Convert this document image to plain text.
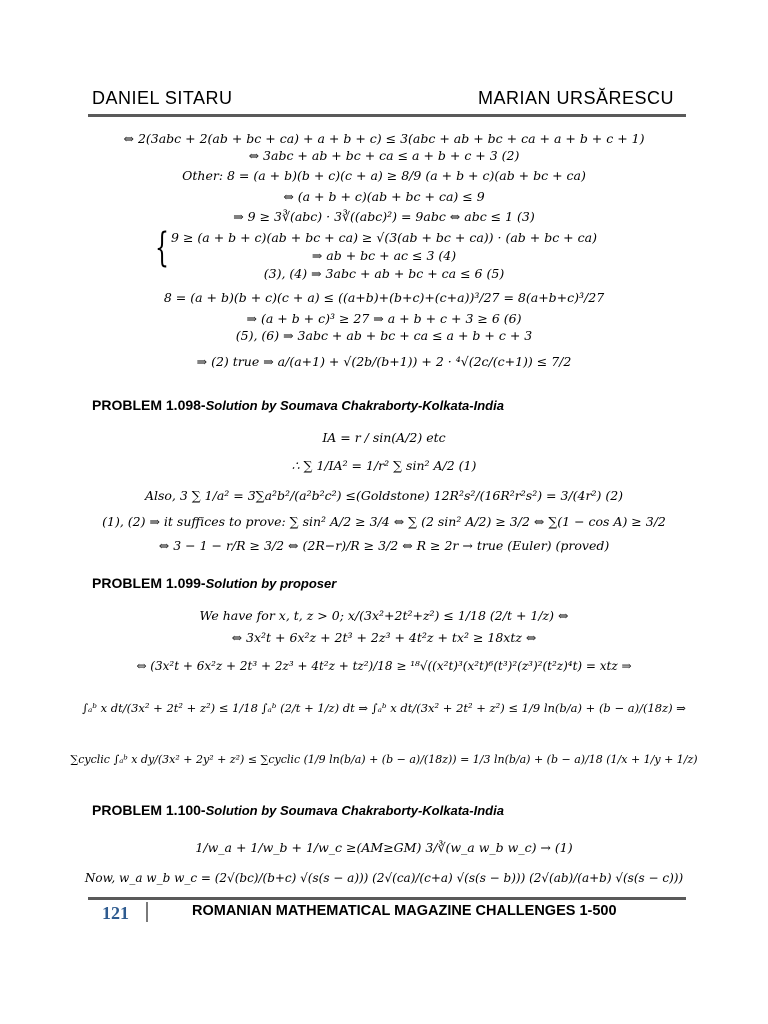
DANIEL SITARU	MARIAN URSĂRESCU
⇔ 2(3abc + 2(ab + bc + ca) + a + b + c) ≤ 3(abc + ab + bc + ca + a + b + c + 1)
⇔ 3abc + ab + bc + ca ≤ a + b + c + 3 (2)
Other: 8 = (a + b)(b + c)(c + a) ≥ 8/9 (a + b + c)(ab + bc + ca)
⇔ (a + b + c)(ab + bc + ca) ≤ 9
⇒ 9 ≥ 3∛(abc) · 3∛((abc)²) = 9abc ⇔ abc ≤ 1 (3)
{ 9 ≥ (a + b + c)(ab + bc + ca) ≥ √(3(ab + bc + ca)) · (ab + bc + ca)
⇒ ab + bc + ac ≤ 3 (4)
(3), (4) ⇒ 3abc + ab + bc + ca ≤ 6 (5)
8 = (a + b)(b + c)(c + a) ≤ ((a+b)+(b+c)+(c+a))³/27 = 8(a+b+c)³/27
⇒ (a + b + c)³ ≥ 27 ⇒ a + b + c + 3 ≥ 6 (6)
(5), (6) ⇒ 3abc + ab + bc + ca ≤ a + b + c + 3
⇒ (2) true ⇒ a/(a+1) + √(2b/(b+1)) + 2 · ⁴√(2c/(c+1)) ≤ 7/2
PROBLEM 1.098-Solution by Soumava Chakraborty-Kolkata-India
IA = r / sin(A/2) etc
∴ ∑ 1/IA² = 1/r² ∑ sin² A/2 (1)
Also, 3 ∑ 1/a² = 3∑a²b²/(a²b²c²) ≤(Goldstone) 12R²s²/(16R²r²s²) = 3/(4r²) (2)
(1), (2) ⇒ it suffices to prove: ∑ sin² A/2 ≥ 3/4 ⇔ ∑ (2 sin² A/2) ≥ 3/2 ⇔ ∑(1 − cos A) ≥ 3/2
⇔ 3 − 1 − r/R ≥ 3/2 ⇔ (2R−r)/R ≥ 3/2 ⇔ R ≥ 2r → true (Euler) (proved)
PROBLEM 1.099-Solution by proposer
We have for x, t, z > 0; x/(3x²+2t²+z²) ≤ 1/18 (2/t + 1/z) ⇔
⇔ 3x²t + 6x²z + 2t³ + 2z³ + 4t²z + tx² ≥ 18xtz ⇔
⇔ (3x²t + 6x²z + 2t³ + 2z³ + 4t²z + tz²)/18 ≥ ¹⁸√((x²t)³(x²t)⁶(t³)²(z³)²(t²z)⁴t) = xtz ⇒
∫ₐᵇ x dt/(3x² + 2t² + z²) ≤ 1/18 ∫ₐᵇ (2/t + 1/z) dt ⇒ ∫ₐᵇ x dt/(3x² + 2t² + z²) ≤ 1/9 ln(b/a) + (b − a)/(18z) ⇒
∑cyclic ∫ₐᵇ x dy/(3x² + 2y² + z²) ≤ ∑cyclic (1/9 ln(b/a) + (b − a)/(18z)) = 1/3 ln(b/a) + (b − a)/18 (1/x + 1/y + 1/z)
PROBLEM 1.100-Solution by Soumava Chakraborty-Kolkata-India
1/w_a + 1/w_b + 1/w_c ≥(AM≥GM) 3/∛(w_a w_b w_c) → (1)
Now, w_a w_b w_c = (2√(bc)/(b+c) √(s(s − a))) (2√(ca)/(c+a) √(s(s − b))) (2√(ab)/(a+b) √(s(s − c)))
121	ROMANIAN MATHEMATICAL MAGAZINE CHALLENGES 1-500
